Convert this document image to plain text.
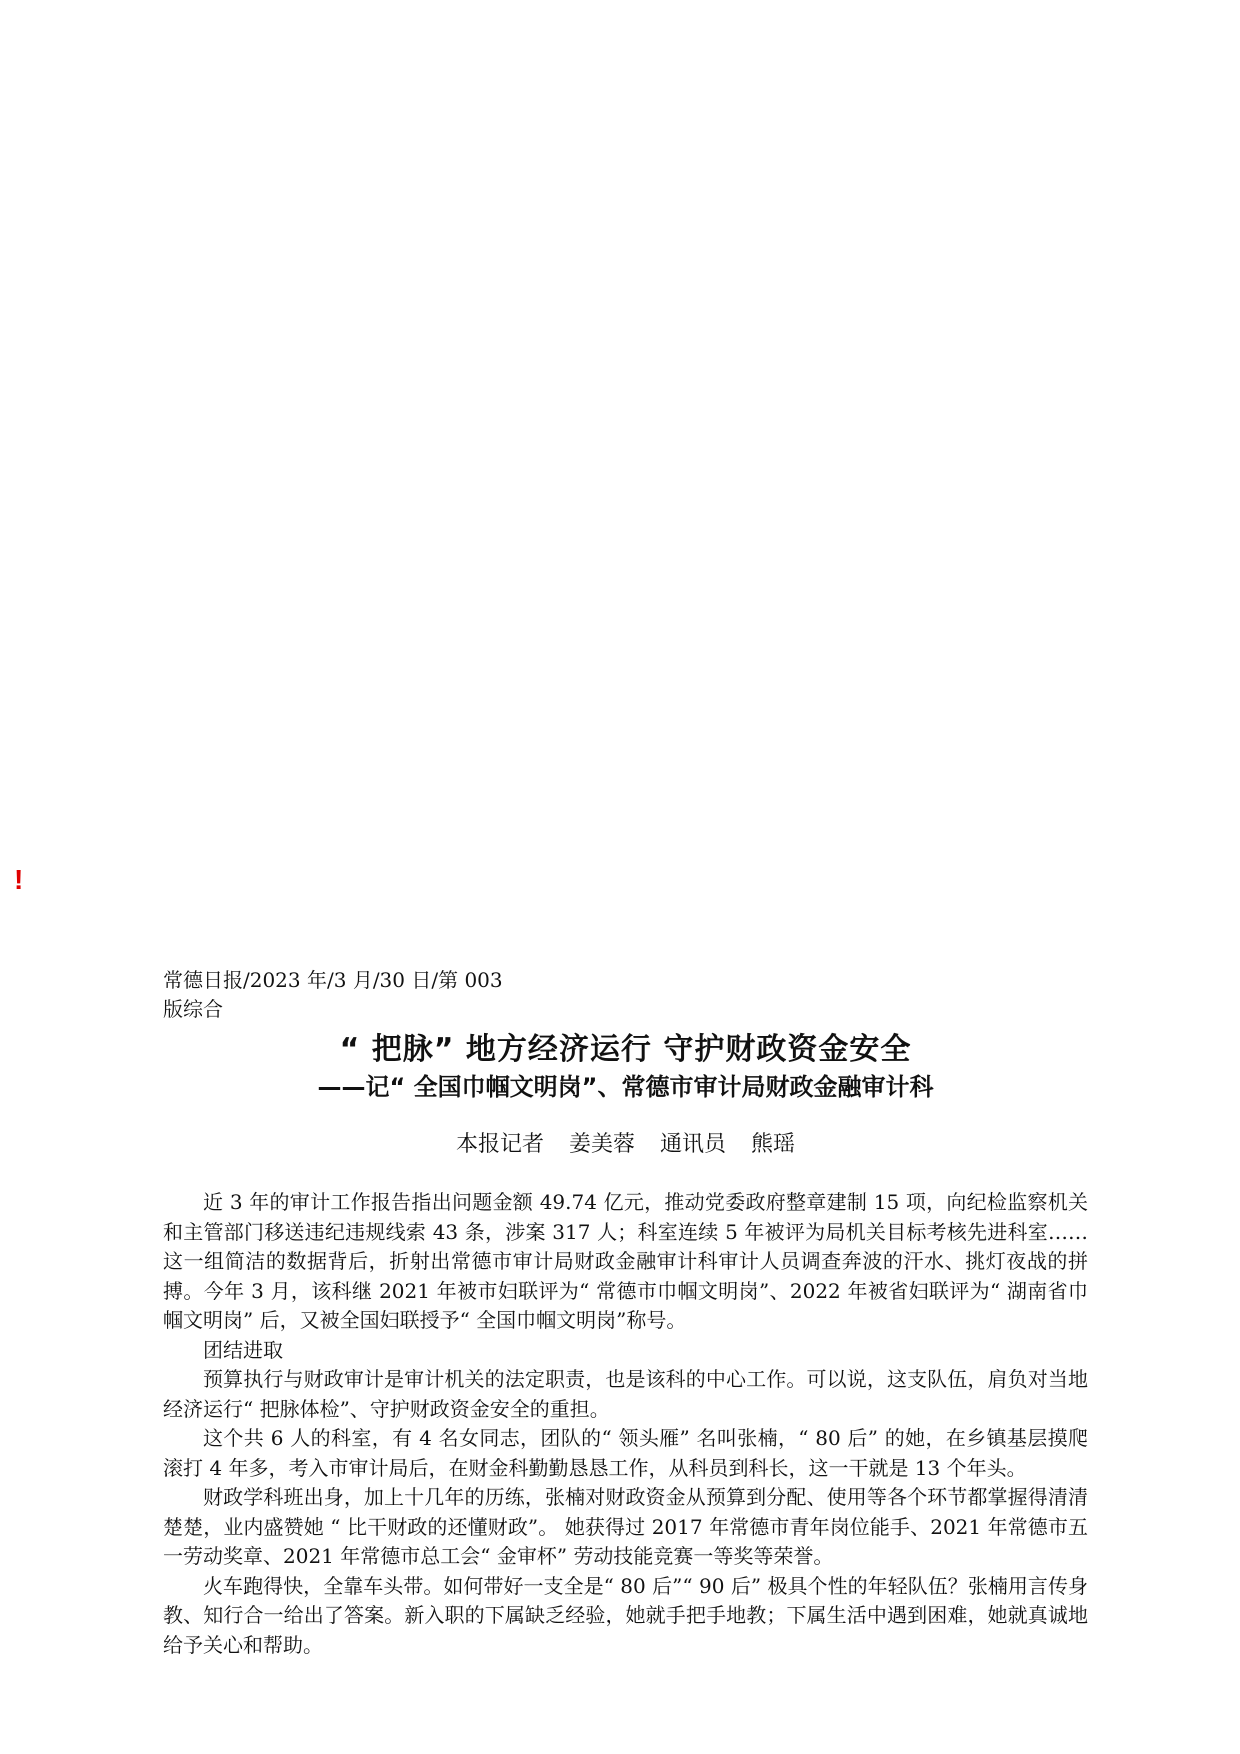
!

常德日报/2023 年/3 月/30 日/第 003 版综合

“ 把脉” 地方经济运行 守护财政资金安全
——记“ 全国巾帼文明岗”、常德市审计局财政金融审计科
本报记者 姜美蓉 通讯员 熊瑶

近 3 年的审计工作报告指出问题金额 49.74 亿元，推动党委政府整章建制 15 项，向纪检监察机关和主管部门移送违纪违规线索 43 条，涉案 317 人；科室连续 5 年被评为局机关目标考核先进科室……这一组简洁的数据背后，折射出常德市审计局财政金融审计科审计人员调查奔波的汗水、挑灯夜战的拼搏。今年 3 月，该科继 2021 年被市妇联评为“ 常德市巾帼文明岗”、2022 年被省妇联评为“ 湖南省巾帼文明岗” 后，又被全国妇联授予“ 全国巾帼文明岗”称号。

团结进取

预算执行与财政审计是审计机关的法定职责，也是该科的中心工作。可以说，这支队伍，肩负对当地经济运行“ 把脉体检”、守护财政资金安全的重担。

这个共 6 人的科室，有 4 名女同志，团队的“ 领头雁” 名叫张楠，“ 80 后” 的她，在乡镇基层摸爬滚打 4 年多，考入市审计局后，在财金科勤勤恳恳工作，从科员到科长，这一干就是 13 个年头。

财政学科班出身，加上十几年的历练，张楠对财政资金从预算到分配、使用等各个环节都掌握得清清楚楚，业内盛赞她 “ 比干财政的还懂财政”。 她获得过 2017 年常德市青年岗位能手、2021 年常德市五一劳动奖章、2021 年常德市总工会“ 金审杯” 劳动技能竞赛一等奖等荣誉。

火车跑得快，全靠车头带。如何带好一支全是“ 80 后”“ 90 后” 极具个性的年轻队伍？张楠用言传身教、知行合一给出了答案。新入职的下属缺乏经验，她就手把手地教；下属生活中遇到困难，她就真诚地给予关心和帮助。
